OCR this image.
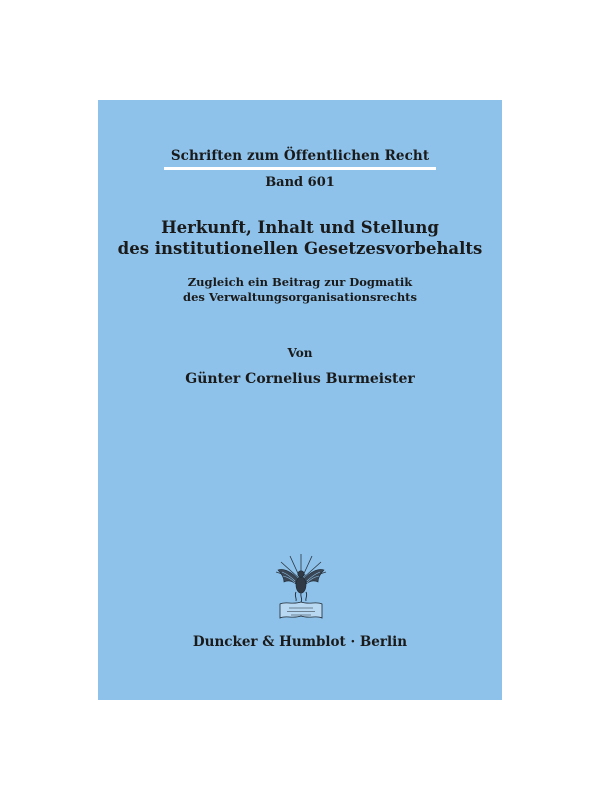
Schriften zum Öffentlichen Recht
Band 601
Herkunft, Inhalt und Stellung
des institutionellen Gesetzesvorbehalts
Zugleich ein Beitrag zur Dogmatik
des Verwaltungsorganisationsrechts
Von
Günter Cornelius Burmeister
Duncker & Humblot · Berlin
